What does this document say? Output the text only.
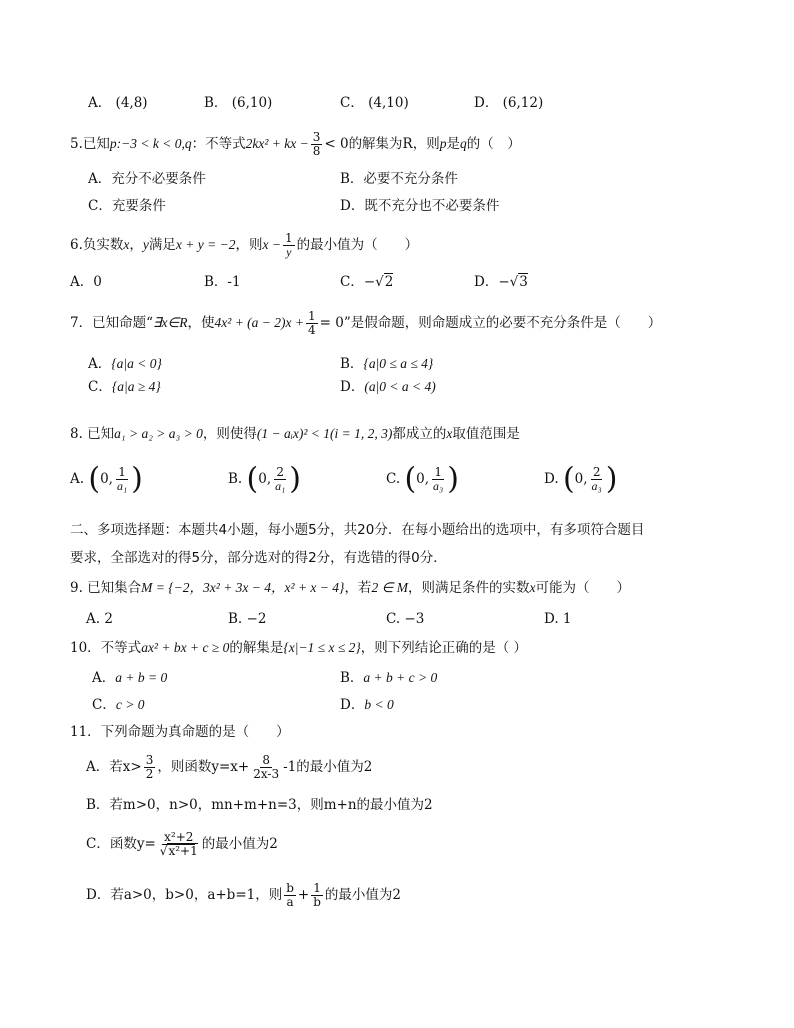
A． (4,8)	B． (6,10)	C． (4,10)	D． (6,12)
5.已知p:−3 < k < 0,q：不等式2kx² + kx − $\frac{3}{8} < 0$的解集为R，则p是q的（　）
A．充分不必要条件	B．必要不充分条件
C．充要条件	D．既不充分也不必要条件
6.负实数x，y满足x + y = −2，则$x - \frac{1}{y}$ 的最小值为（　　）
A．0	B．-1	C．−√2	D．−√3
7．已知命题“∃x∈R，使$4x^2 + (a - 2)x + \frac{1}{4} = 0$”是假命题，则命题成立的必要不充分条件是（　　）
A．{a|a < 0}	B．{a|0 ≤ a ≤ 4}
C．{a|a ≥ 4}	D．(a|0 < a < 4)
8. 已知a₁ > a₂ > a₃ > 0，则使得(1 − aᵢx)² < 1(i = 1, 2, 3)都成立的x取值范围是
A. (0, $\frac{1}{\text{a₁}}$ )	B. (0, $\frac{2}{\text{a₁}}$ )	C. (0, $\frac{1}{\text{a₃}}$ )	D. (0, $\frac{2}{\text{a₃}}$ )
二、多项选择题：本题共4小题，每小题5分，共20分．在每小题给出的选项中，有多项符合题目
要求，全部选对的得5分，部分选对的得2分，有选错的得0分．
9. 已知集合M = {−2，3x² + 3x − 4，x² + x − 4}，若2 ∈ M，则满足条件的实数x可能为（　　）
A. 2	B. −2	C. −3	D. 1
10．不等式ax² + bx + c ≥ 0的解集是{x|−1 ≤ x ≤ 2}，则下列结论正确的是（ ）
A．a + b = 0	B．a + b + c > 0
C．c > 0	D．b < 0
11．下列命题为真命题的是（　　）
A．若$x> \frac{3}{2}$ ，则函数$y=x+ \frac{8}{2x-3} -1$的最小值为2
B．若m>0，n>0，mn+m+n=3，则m+n的最小值为2
C．函数$y= \frac{\text{x²+2}}{\text{√x²+1}}$ 的最小值为2
D．若a>0，b>0，a+b=1，则 $\frac{b}{a} + \frac{1}{b}$ 的最小值为2
